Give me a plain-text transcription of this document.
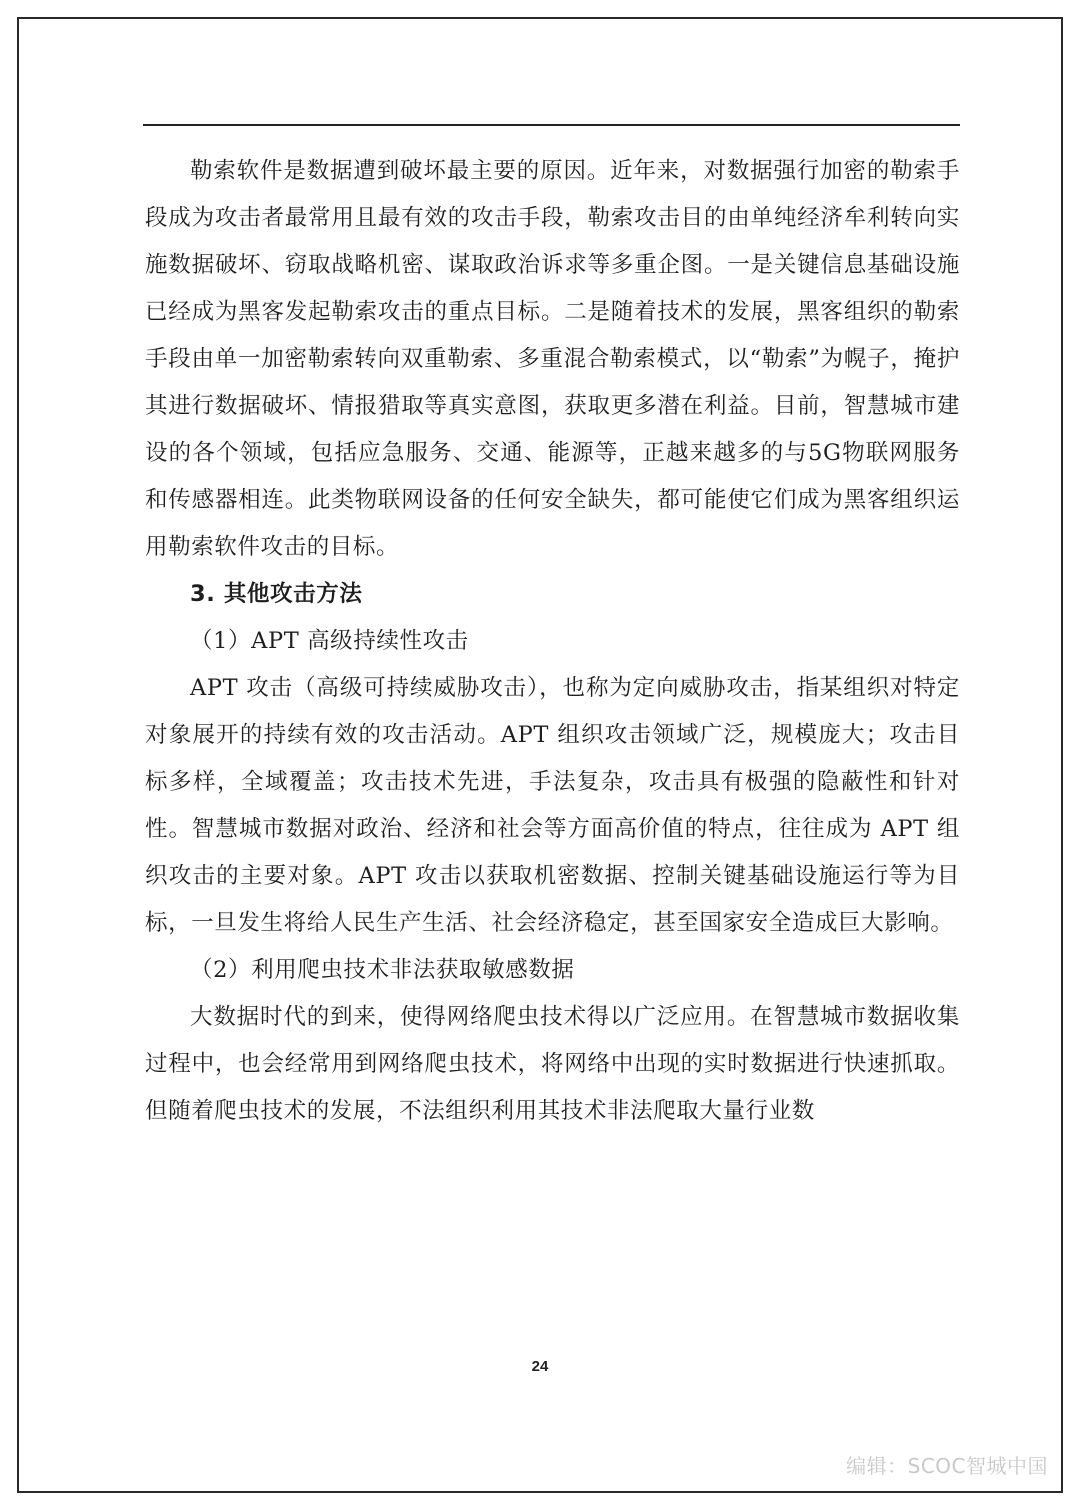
勒索软件是数据遭到破坏最主要的原因。近年来，对数据强行加密的勒索手段成为攻击者最常用且最有效的攻击手段，勒索攻击目的由单纯经济牟利转向实施数据破坏、窃取战略机密、谋取政治诉求等多重企图。一是关键信息基础设施已经成为黑客发起勒索攻击的重点目标。二是随着技术的发展，黑客组织的勒索手段由单一加密勒索转向双重勒索、多重混合勒索模式，以“勒索”为幌子，掩护其进行数据破坏、情报猎取等真实意图，获取更多潜在利益。目前，智慧城市建设的各个领域，包括应急服务、交通、能源等，正越来越多的与5G物联网服务和传感器相连。此类物联网设备的任何安全缺失，都可能使它们成为黑客组织运用勒索软件攻击的目标。

3. 其他攻击方法

（1）APT 高级持续性攻击

APT 攻击（高级可持续威胁攻击），也称为定向威胁攻击，指某组织对特定对象展开的持续有效的攻击活动。APT 组织攻击领域广泛，规模庞大；攻击目标多样，全域覆盖；攻击技术先进，手法复杂，攻击具有极强的隐蔽性和针对性。智慧城市数据对政治、经济和社会等方面高价值的特点，往往成为 APT 组织攻击的主要对象。APT 攻击以获取机密数据、控制关键基础设施运行等为目标，一旦发生将给人民生产生活、社会经济稳定，甚至国家安全造成巨大影响。

（2）利用爬虫技术非法获取敏感数据

大数据时代的到来，使得网络爬虫技术得以广泛应用。在智慧城市数据收集过程中，也会经常用到网络爬虫技术，将网络中出现的实时数据进行快速抓取。但随着爬虫技术的发展，不法组织利用其技术非法爬取大量行业数

24
编辑：SCOC智城中国
